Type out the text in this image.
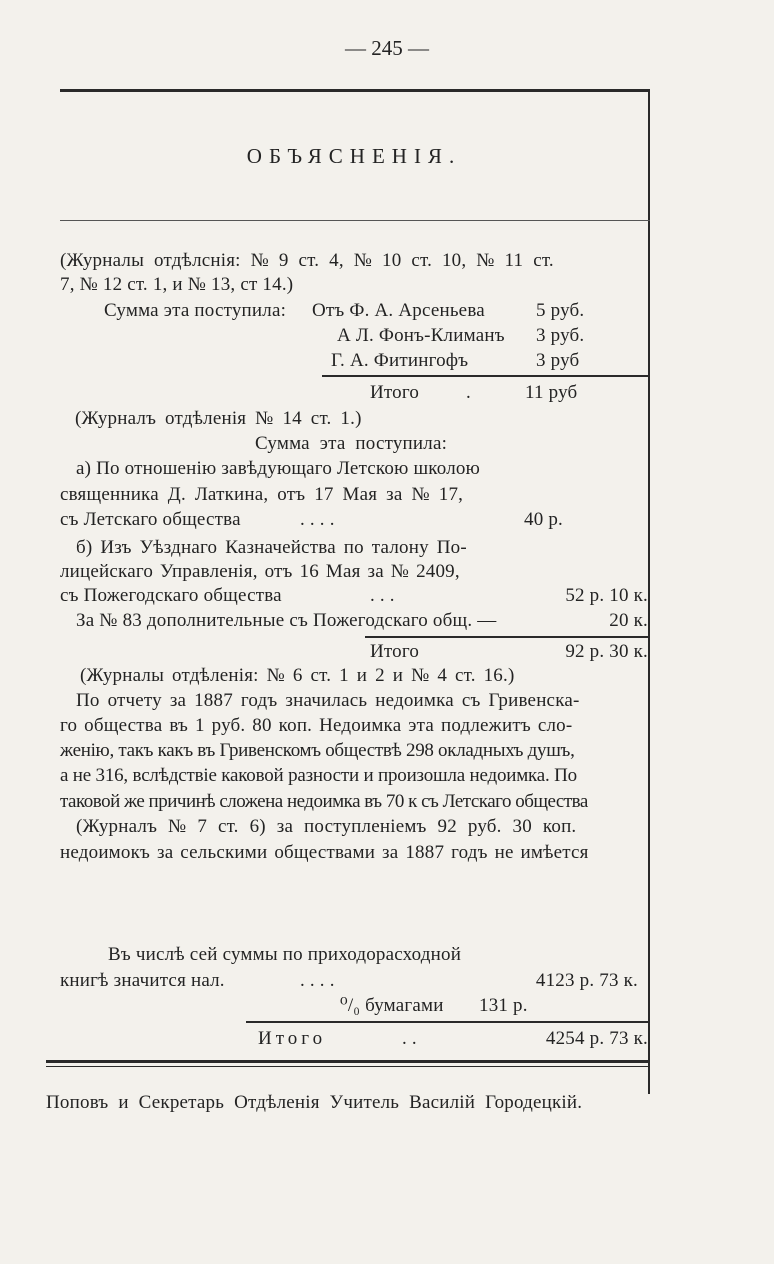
— 245 —
ОБЪЯСНЕНІЯ.
(Журналы отдѣлснія: № 9 ст. 4, № 10 ст. 10, № 11 ст.
7, № 12 ст. 1, и № 13, ст 14.)
Сумма эта поступила: Отъ Ф. А. Арсеньева	5 руб.
А Л. Фонъ-Климанъ 3 руб.
Г. А. Фитингофъ	3 руб
Итого .	11 руб
(Журналъ отдѣленія № 14 ст. 1.)
Сумма эта поступила:
а) По отношенію завѣдующаго Летскою школою
священника Д. Латкина, отъ 17 Мая за № 17,
съ Летскаго общества	. . . .	40 р.
б) Изъ Уѣзднаго Казначейства по талону По-
лицейскаго Управленія, отъ 16 Мая за № 2409,
съ Пожегодскаго общества	. . .	52 р. 10 к.
За № 83 дополнительные съ Пожегодскаго общ. —	20 к.
Итого	92 р. 30 к.
(Журналы отдѣленія: № 6 ст. 1 и 2 и № 4 ст. 16.)
По отчету за 1887 годъ значилась недоимка съ Гривенска-
го общества въ 1 руб. 80 коп. Недоимка эта подлежитъ сло-
женію, такъ какъ въ Гривенскомъ обществѣ 298 окладныхъ душъ,
а не 316, вслѣдствіе каковой разности и произошла недоимка. По
таковой же причинѣ сложена недоимка въ 70 к съ Летскаго общества
(Журналъ № 7 ст. 6) за поступленіемъ 92 руб. 30 коп.
недоимокъ за сельскими обществами за 1887 годъ не имѣется
Въ числѣ сей суммы по приходорасходной
книгѣ значится нал.	. . . .	4123 р. 73 к.
⁰/₀ бумагами 131 р.
Итого	. .	4254 р. 73 к.
Поповъ и Секретарь Отдѣленія Учитель Василій Городецкій.
